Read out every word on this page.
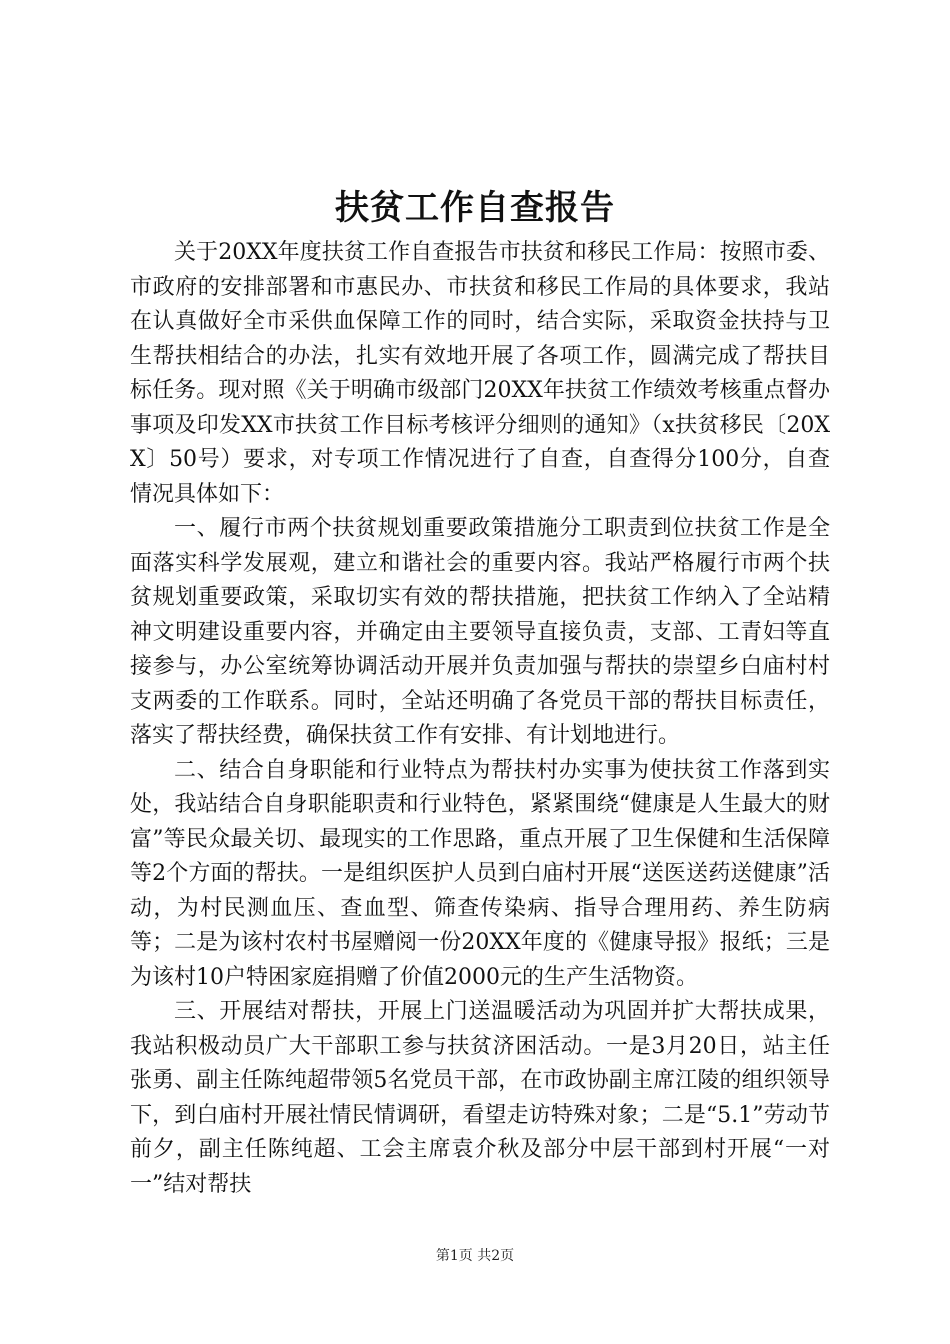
扶贫工作自查报告

关于20XX年度扶贫工作自查报告市扶贫和移民工作局：按照市委、市政府的安排部署和市惠民办、市扶贫和移民工作局的具体要求，我站在认真做好全市采供血保障工作的同时，结合实际，采取资金扶持与卫生帮扶相结合的办法，扎实有效地开展了各项工作，圆满完成了帮扶目标任务。现对照《关于明确市级部门20XX年扶贫工作绩效考核重点督办事项及印发XX市扶贫工作目标考核评分细则的通知》（x扶贫移民〔20XX〕50号）要求，对专项工作情况进行了自查，自查得分100分，自查情况具体如下：

一、履行市两个扶贫规划重要政策措施分工职责到位扶贫工作是全面落实科学发展观，建立和谐社会的重要内容。我站严格履行市两个扶贫规划重要政策，采取切实有效的帮扶措施，把扶贫工作纳入了全站精神文明建设重要内容，并确定由主要领导直接负责，支部、工青妇等直接参与，办公室统筹协调活动开展并负责加强与帮扶的崇望乡白庙村村支两委的工作联系。同时，全站还明确了各党员干部的帮扶目标责任，落实了帮扶经费，确保扶贫工作有安排、有计划地进行。

二、结合自身职能和行业特点为帮扶村办实事为使扶贫工作落到实处，我站结合自身职能职责和行业特色，紧紧围绕“健康是人生最大的财富”等民众最关切、最现实的工作思路，重点开展了卫生保健和生活保障等2个方面的帮扶。一是组织医护人员到白庙村开展“送医送药送健康”活动，为村民测血压、查血型、筛查传染病、指导合理用药、养生防病等；二是为该村农村书屋赠阅一份20XX年度的《健康导报》报纸；三是为该村10户特困家庭捐赠了价值2000元的生产生活物资。

三、开展结对帮扶，开展上门送温暖活动为巩固并扩大帮扶成果，我站积极动员广大干部职工参与扶贫济困活动。一是3月20日，站主任张勇、副主任陈纯超带领5名党员干部，在市政协副主席江陵的组织领导下，到白庙村开展社情民情调研，看望走访特殊对象；二是“5.1”劳动节前夕，副主任陈纯超、工会主席袁介秋及部分中层干部到村开展“一对一”结对帮扶

第1页 共2页
